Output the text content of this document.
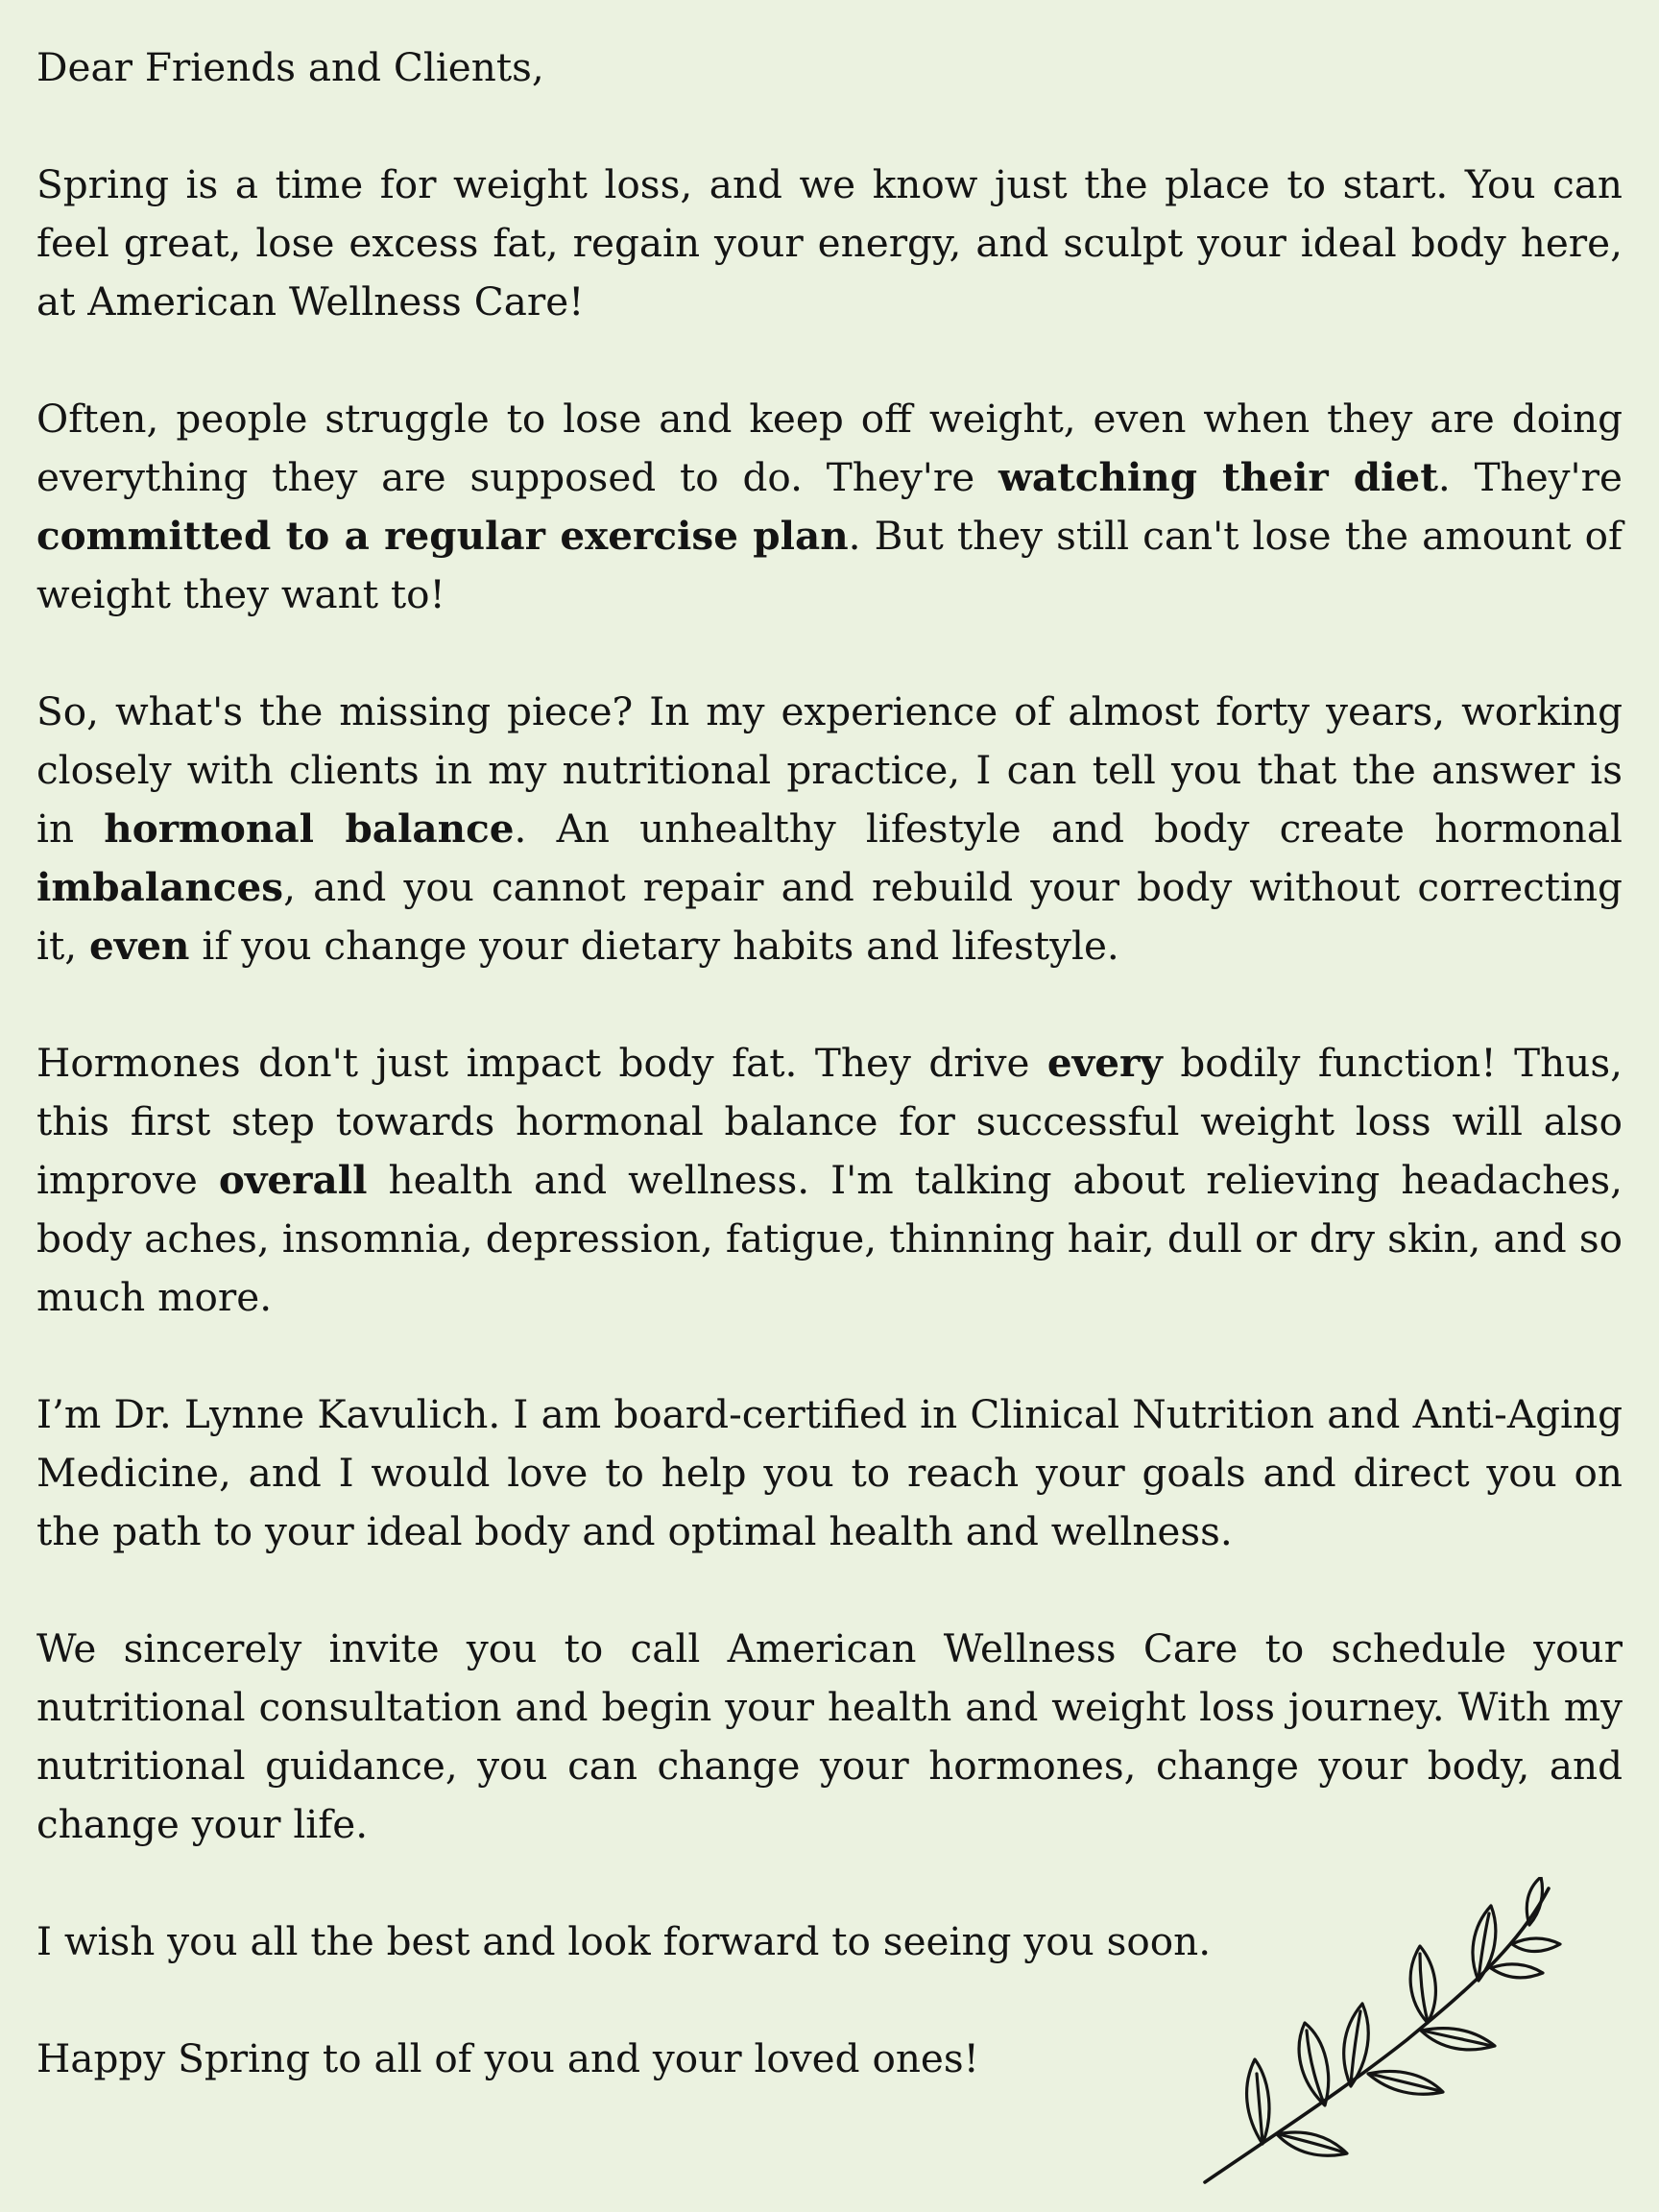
Dear Friends and Clients,

Spring is a time for weight loss, and we know just the place to start. You can feel great, lose excess fat, regain your energy, and sculpt your ideal body here, at American Wellness Care!

Often, people struggle to lose and keep off weight, even when they are doing everything they are supposed to do. They're watching their diet. They're committed to a regular exercise plan. But they still can't lose the amount of weight they want to!

So, what's the missing piece? In my experience of almost forty years, working closely with clients in my nutritional practice, I can tell you that the answer is in hormonal balance. An unhealthy lifestyle and body create hormonal imbalances, and you cannot repair and rebuild your body without correcting it, even if you change your dietary habits and lifestyle.

Hormones don't just impact body fat. They drive every bodily function! Thus, this first step towards hormonal balance for successful weight loss will also improve overall health and wellness. I'm talking about relieving headaches, body aches, insomnia, depression, fatigue, thinning hair, dull or dry skin, and so much more.

I’m Dr. Lynne Kavulich. I am board-certified in Clinical Nutrition and Anti-Aging Medicine, and I would love to help you to reach your goals and direct you on the path to your ideal body and optimal health and wellness.

We sincerely invite you to call American Wellness Care to schedule your nutritional consultation and begin your health and weight loss journey. With my nutritional guidance, you can change your hormones, change your body, and change your life.

I wish you all the best and look forward to seeing you soon.

Happy Spring to all of you and your loved ones!
